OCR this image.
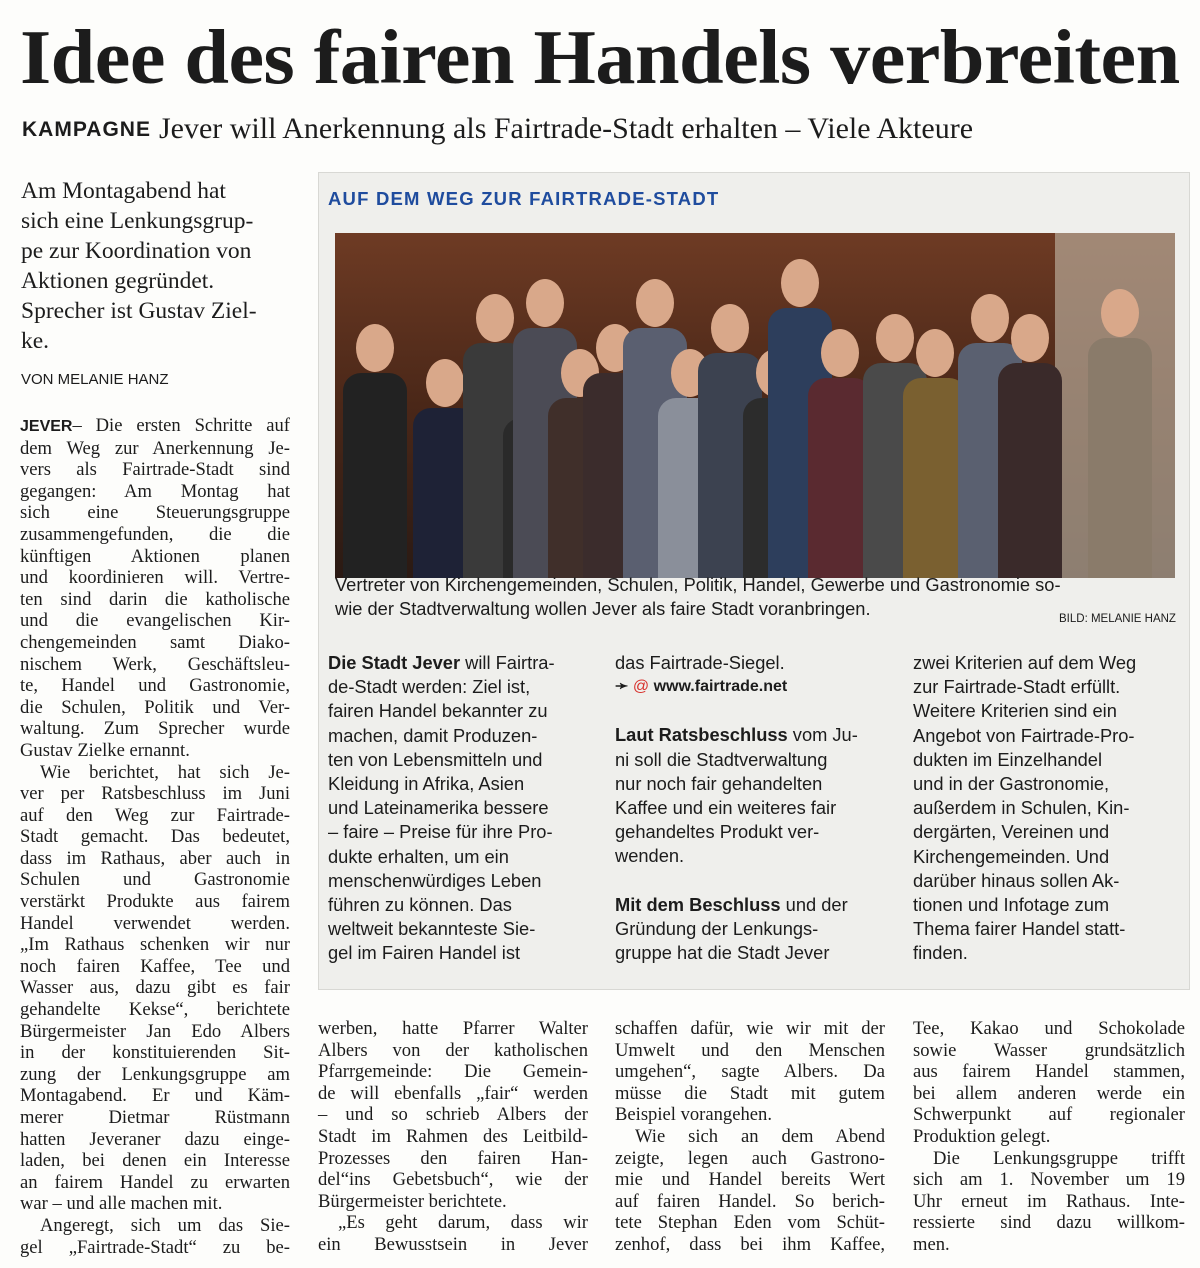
Idee des fairen Handels verbreiten
KAMPAGNE Jever will Anerkennung als Fairtrade-Stadt erhalten – Viele Akteure
Am Montagabend hat
sich eine Lenkungsgrup-
pe zur Koordination von
Aktionen gegründet.
Sprecher ist Gustav Ziel-
ke.
VON MELANIE HANZ
AUF DEM WEG ZUR FAIRTRADE-STADT
Vertreter von Kirchengemeinden, Schulen, Politik, Handel, Gewerbe und Gastronomie so-
wie der Stadtverwaltung wollen Jever als faire Stadt voranbringen.	BILD: MELANIE HANZ
JEVER– Die ersten Schritte auf
dem Weg zur Anerkennung Je-
vers als Fairtrade-Stadt sind
gegangen: Am Montag hat
sich eine Steuerungsgruppe
zusammengefunden, die die
künftigen Aktionen planen
und koordinieren will. Vertre-
ten sind darin die katholische
und die evangelischen Kir-
chengemeinden samt Diako-
nischem Werk, Geschäftsleu-
te, Handel und Gastronomie,
die Schulen, Politik und Ver-
waltung. Zum Sprecher wurde
Gustav Zielke ernannt.
Wie berichtet, hat sich Je-
ver per Ratsbeschluss im Juni
auf den Weg zur Fairtrade-
Stadt gemacht. Das bedeutet,
dass im Rathaus, aber auch in
Schulen und Gastronomie
verstärkt Produkte aus fairem
Handel verwendet werden.
„Im Rathaus schenken wir nur
noch fairen Kaffee, Tee und
Wasser aus, dazu gibt es fair
gehandelte Kekse“, berichtete
Bürgermeister Jan Edo Albers
in der konstituierenden Sit-
zung der Lenkungsgruppe am
Montagabend. Er und Käm-
merer Dietmar Rüstmann
hatten Jeveraner dazu einge-
laden, bei denen ein Interesse
an fairem Handel zu erwarten
war – und alle machen mit.
Angeregt, sich um das Sie-
gel „Fairtrade-Stadt“ zu be-
werben, hatte Pfarrer Walter
Albers von der katholischen
Pfarrgemeinde: Die Gemein-
de will ebenfalls „fair“ werden
– und so schrieb Albers der
Stadt im Rahmen des Leitbild-
Prozesses den fairen Han-
del“ins Gebetsbuch“, wie der
Bürgermeister berichtete.
„Es geht darum, dass wir
ein Bewusstsein in Jever
schaffen dafür, wie wir mit der
Umwelt und den Menschen
umgehen“, sagte Albers. Da
müsse die Stadt mit gutem
Beispiel vorangehen.
Wie sich an dem Abend
zeigte, legen auch Gastrono-
mie und Handel bereits Wert
auf fairen Handel. So berich-
tete Stephan Eden vom Schüt-
zenhof, dass bei ihm Kaffee,
Tee, Kakao und Schokolade
sowie Wasser grundsätzlich
aus fairem Handel stammen,
bei allem anderen werde ein
Schwerpunkt auf regionaler
Produktion gelegt.
Die Lenkungsgruppe trifft
sich am 1. November um 19
Uhr erneut im Rathaus. Inte-
ressierte sind dazu willkom-
men.
Die Stadt Jever will Fairtra-
de-Stadt werden: Ziel ist,
fairen Handel bekannter zu
machen, damit Produzen-
ten von Lebensmitteln und
Kleidung in Afrika, Asien
und Lateinamerika bessere
– faire – Preise für ihre Pro-
dukte erhalten, um ein
menschenwürdiges Leben
führen zu können. Das
weltweit bekannteste Sie-
gel im Fairen Handel ist
das Fairtrade-Siegel.
➛ @ www.fairtrade.net
Laut Ratsbeschluss vom Ju-
ni soll die Stadtverwaltung
nur noch fair gehandelten
Kaffee und ein weiteres fair
gehandeltes Produkt ver-
wenden.
Mit dem Beschluss und der
Gründung der Lenkungs-
gruppe hat die Stadt Jever
zwei Kriterien auf dem Weg
zur Fairtrade-Stadt erfüllt.
Weitere Kriterien sind ein
Angebot von Fairtrade-Pro-
dukten im Einzelhandel
und in der Gastronomie,
außerdem in Schulen, Kin-
dergärten, Vereinen und
Kirchengemeinden. Und
darüber hinaus sollen Ak-
tionen und Infotage zum
Thema fairer Handel statt-
finden.
